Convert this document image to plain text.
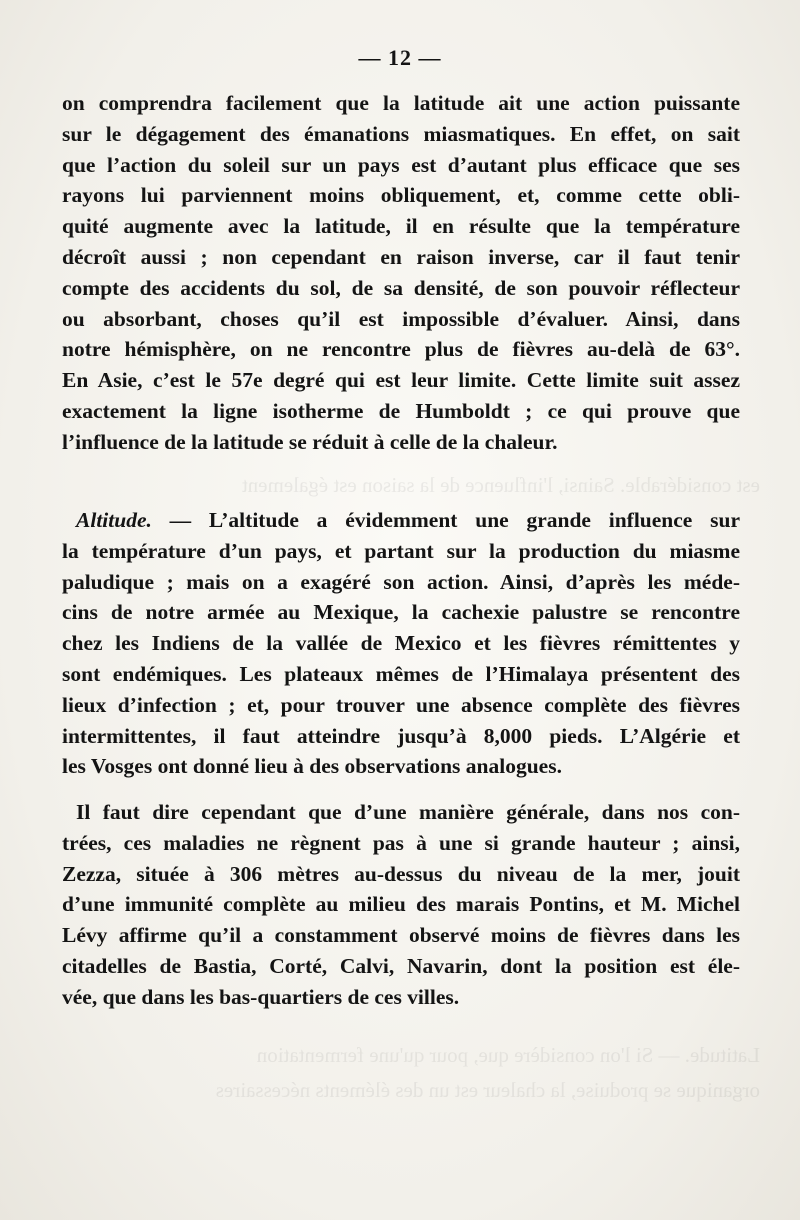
est considérable. Sainsi, l'influence de la saison est également
Latitude. — Si l'on considère que, pour qu'une fermentation
organique se produise, la chaleur est un des éléments nécessaires
— 12 —
on comprendra facilement que la latitude ait une action puissante
sur le dégagement des émanations miasmatiques. En effet, on sait
que l’action du soleil sur un pays est d’autant plus efficace que ses
rayons lui parviennent moins obliquement, et, comme cette obli-
quité augmente avec la latitude, il en résulte que la température
décroît aussi ; non cependant en raison inverse, car il faut tenir
compte des accidents du sol, de sa densité, de son pouvoir réflecteur
ou absorbant, choses qu’il est impossible d’évaluer. Ainsi, dans
notre hémisphère, on ne rencontre plus de fièvres au-delà de 63°.
En Asie, c’est le 57e degré qui est leur limite. Cette limite suit assez
exactement la ligne isotherme de Humboldt ; ce qui prouve que
l’influence de la latitude se réduit à celle de la chaleur.
Altitude. — L’altitude a évidemment une grande influence sur
la température d’un pays, et partant sur la production du miasme
paludique ; mais on a exagéré son action. Ainsi, d’après les méde-
cins de notre armée au Mexique, la cachexie palustre se rencontre
chez les Indiens de la vallée de Mexico et les fièvres rémittentes y
sont endémiques. Les plateaux mêmes de l’Himalaya présentent des
lieux d’infection ; et, pour trouver une absence complète des fièvres
intermittentes, il faut atteindre jusqu’à 8,000 pieds. L’Algérie et
les Vosges ont donné lieu à des observations analogues.
Il faut dire cependant que d’une manière générale, dans nos con-
trées, ces maladies ne règnent pas à une si grande hauteur ; ainsi,
Zezza, située à 306 mètres au-dessus du niveau de la mer, jouit
d’une immunité complète au milieu des marais Pontins, et M. Michel
Lévy affirme qu’il a constamment observé moins de fièvres dans les
citadelles de Bastia, Corté, Calvi, Navarin, dont la position est éle-
vée, que dans les bas-quartiers de ces villes.
